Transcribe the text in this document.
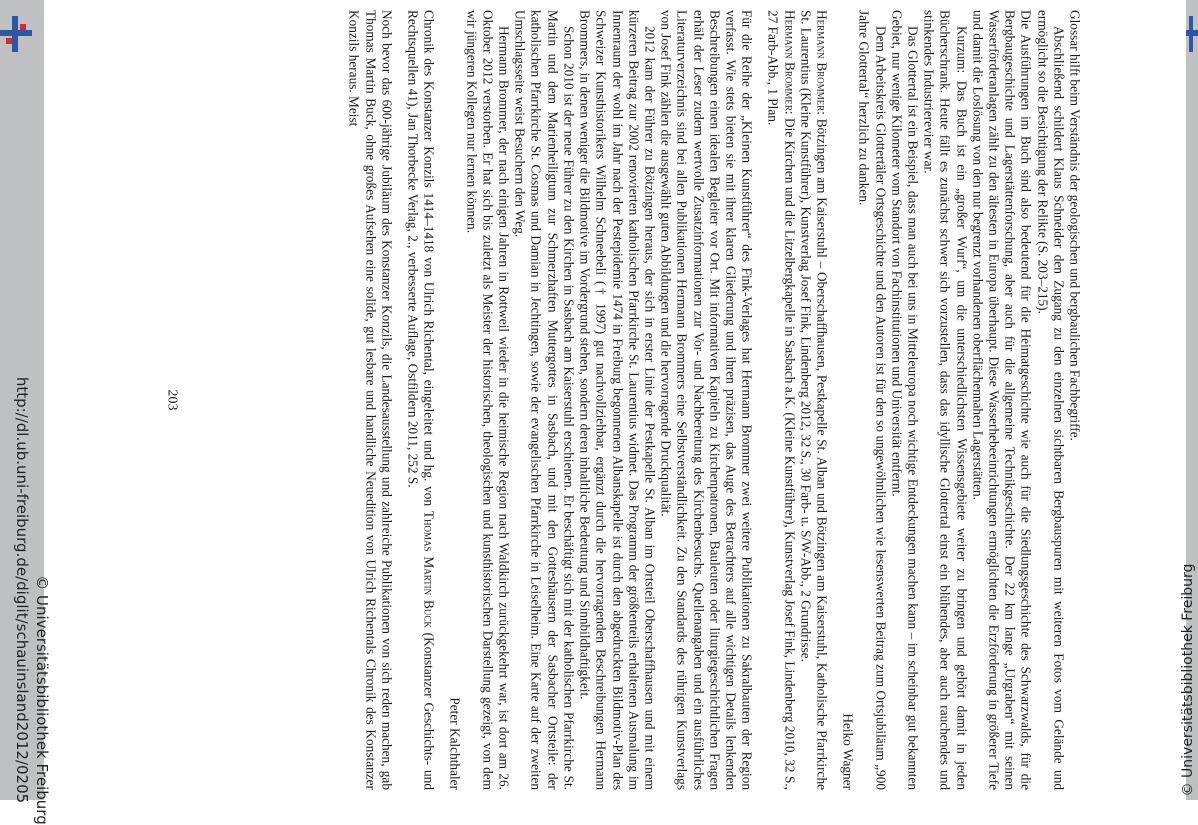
http://dl.ub.uni-freiburg.de/diglit/schauinsland2012/0205 © Universitätsbibliothek Freiburg	© Universitätsbibliothek Freiburg

Glossar hilft beim Verständnis der geologischen und bergbaulichen Fachbegriffe.

Abschließend schildert Klaus Schneider den Zugang zu den einzelnen sichtbaren Bergbauspuren mit weiteren Fotos vom Gelände und ermöglicht so die Besichtigung der Relikte (S. 203–215).

Die Ausführungen im Buch sind also bedeutend für die Heimatgeschichte wie auch für die Siedlungsgeschichte des Schwarzwalds, für die Bergbaugeschichte und Lagerstättenforschung, aber auch für die allgemeine Technikgeschichte. Der 22 km lange „Urgraben“ mit seinen Wasserförderanlagen zählt zu den ältesten in Europa überhaupt. Diese Wasserhebeeinrichtungen ermöglichten die Erzförderung in größerer Tiefe und damit die Loslösung von den nur begrenzt vorhandenen oberflächennahen Lagerstätten.

Kurzum: Das Buch ist ein „großer Wurf“, um die unterschiedlichsten Wissensgebiete weiter zu bringen und gehört damit in jeden Bücherschrank. Heute fällt es zunächst schwer sich vorzustellen, dass das idyllische Glottertal einst ein blühendes, aber auch rauchendes und stinkendes Industrierevier war.

Das Glottertal ist ein Beispiel, dass man auch bei uns in Mitteleuropa noch wichtige Entdeckungen machen kann – im scheinbar gut bekannten Gebiet, nur wenige Kilometer vom Standort von Fachinstitutionen und Universität entfernt.

Dem Arbeitskreis Glottertäler Ortsgeschichte und den Autoren ist für den so ungewöhnlichen wie lesenswerten Beitrag zum Ortsjubiläum „900 Jahre Glottertal“ herzlich zu danken.

Heiko Wagner

Hermann Brommer: Bötzingen am Kaiserstuhl – Oberschaffhausen, Pestkapelle St. Alban und Bötzingen am Kaiserstuhl, Katholische Pfarrkirche St. Laurentius (Kleine Kunstführer), Kunstverlag Josef Fink, Lindenberg 2012, 32 S., 30 Farb- u. S/W-Abb., 2 Grundrisse.

Hermann Brommer: Die Kirchen und die Litzelbergkapelle in Sasbach a.K. (Kleine Kunstführer), Kunstverlag Josef Fink, Lindenberg 2010, 32 S., 27 Farb-Abb., 1 Plan.

Für die Reihe der „Kleinen Kunstführer“ des Fink-Verlages hat Hermann Brommer zwei weitere Publikationen zu Sakralbauten der Region verfasst. Wie stets bieten sie mit ihrer klaren Gliederung und ihren präzisen, das Auge des Betrachters auf alle wichtigen Details lenkenden Beschreibungen einen idealen Begleiter vor Ort. Mit informativen Kapiteln zu Kirchenpatronen, Bauleuten oder liturgiegeschichtlichen Fragen erhält der Leser zudem wertvolle Zusatzinformationen zur Vor- und Nachbereitung des Kirchenbesuchs. Quellenangaben und ein ausführliches Literaturverzeichnis sind bei allen Publikationen Hermann Brommers eine Selbstverständlichkeit. Zu den Standards des rührigen Kunstverlags von Josef Fink zählen die ausgewählt guten Abbildungen und die hervorragende Druckqualität.

2012 kam der Führer zu Bötzingen heraus, der sich in erster Linie der Pestkapelle St. Alban im Ortsteil Oberschaffhausen und mit einem kürzeren Beitrag zur 2002 renovierten katholischen Pfarrkirche St. Laurentius widmet. Das Programm der größtenteils erhaltenen Ausmalung im Innenraum der wohl im Jahr nach der Pestepidemie 1474 in Freiburg begonnenen Albanskapelle ist durch den abgedruckten Bildmotiv-Plan des Schweizer Kunsthistorikers Wilhelm Schneebeli († 1997) gut nachvollziehbar, ergänzt durch die hervorragenden Beschreibungen Hermann Brommers, in denen weniger die Bildmotive im Vordergrund stehen, sondern deren inhaltliche Bedeutung und Sinnbildhaftigkeit.

Schon 2010 ist der neue Führer zu den Kirchen in Sasbach am Kaiserstuhl erschienen. Er beschäftigt sich mit der katholischen Pfarrkirche St. Martin und dem Marienheiligtum zur Schmerzhaften Muttergottes in Sasbach, und mit den Gotteshäusern der Sasbacher Ortsteile: der katholischen Pfarrkirche St. Cosmas und Damian in Jechtingen, sowie der evangelischen Pfarrkirche in Leiselheim. Eine Karte auf der zweiten Umschlagsseite weist Besuchern den Weg.

Hermann Brommer, der nach einigen Jahren in Rottweil wieder in die heimische Region nach Waldkirch zurückgekehrt war, ist dort am 26. Oktober 2012 verstorben. Er hat sich bis zuletzt als Meister der historischen, theologischen und kunsthistorischen Darstellung gezeigt, von dem wir jüngeren Kollegen nur lernen können.

Peter Kalchthaler

Chronik des Konstanzer Konzils 1414–1418 von Ulrich Richental, eingeleitet und hg. von Thomas Martin Buck (Konstanzer Geschichts- und Rechtsquellen 41), Jan Thorbecke Verlag, 2., verbesserte Auflage, Ostfildern 2011, 252 S.

Noch bevor das 600-jährige Jubiläum des Konstanzer Konzils, die Landesausstellung und zahlreiche Publikationen von sich reden machen, gab Thomas Martin Buck, ohne großes Aufsehen eine solide, gut lesbare und handliche Neuedition von Ulrich Richentals Chronik des Konstanzer Konzils heraus. Meist

203
